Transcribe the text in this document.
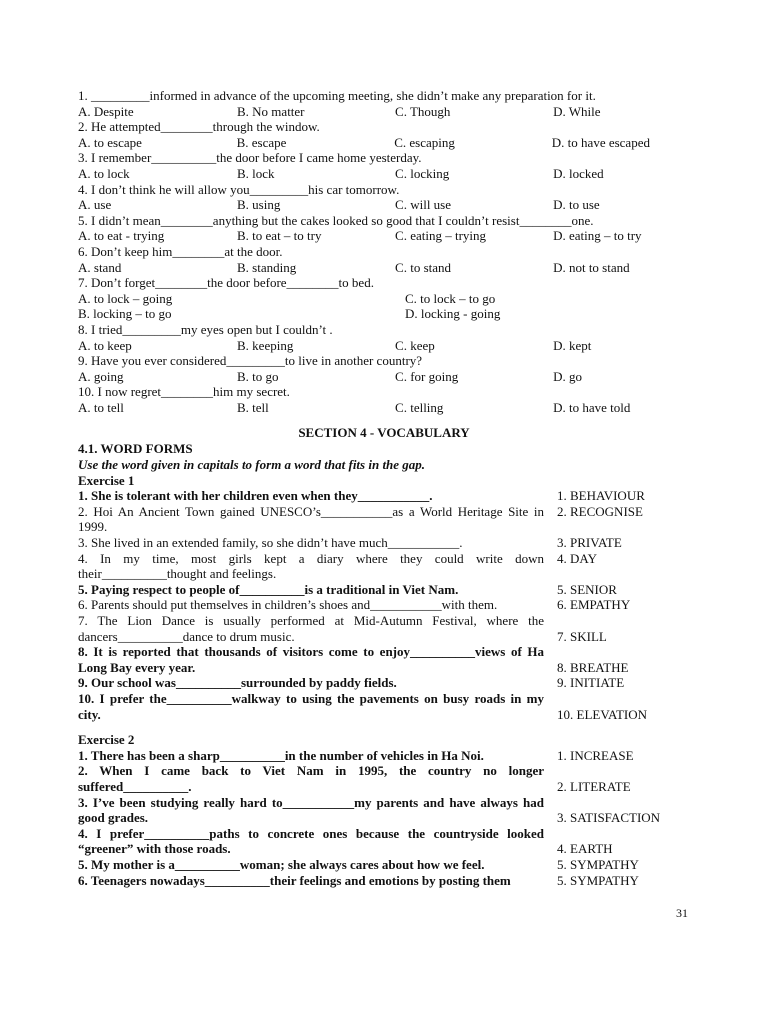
1. _________informed in advance of the upcoming meeting, she didn’t make any preparation for it.
A. Despite	B. No matter	C. Though	D. While
2. He attempted________through the window.
A. to escape	B. escape	C. escaping	D. to have escaped
3. I remember__________the door before I came home yesterday.
A. to lock	B. lock	C. locking	D. locked
4. I don’t think he will allow you_________his car tomorrow.
A. use	B. using	C. will use	D. to use
5. I didn’t mean________anything but the cakes looked so good that I couldn’t resist________one.
A. to eat - trying	B. to eat – to try	C. eating – trying	D. eating – to try
6. Don’t keep him________at the door.
A. stand	B. standing	C. to stand	D. not to stand
7. Don’t forget________the door before________to bed.
A. to lock – going	C. to lock – to go
B. locking – to go	D. locking - going
8. I tried_________my eyes open but I couldn’t .
A. to keep	B. keeping	C. keep	D. kept
9. Have you ever considered_________to live in another country?
A. going	B. to go	C. for going	D. go
10. I now regret________him my secret.
A. to tell	B. tell	C. telling	D. to have told
SECTION 4 - VOCABULARY
4.1. WORD FORMS
Use the word given in capitals to form a word that fits in the gap.
Exercise 1
1. She is tolerant with her children even when they___________.	1. BEHAVIOUR
2. Hoi An Ancient Town gained UNESCO’s___________as a World Heritage Site in 1999.
2. RECOGNISE
3. She lived in an extended family, so she didn’t have much___________.	3. PRIVATE
4. In my time, most girls kept a diary where they could write down their__________thought and feelings.
4. DAY
5. Paying respect to people of__________is a traditional in Viet Nam.	5. SENIOR
6. Parents should put themselves in children’s shoes and___________with them.	6. EMPATHY
7. The Lion Dance is usually performed at Mid-Autumn Festival, where the dancers__________dance to drum music.	7. SKILL
8. It is reported that thousands of visitors come to enjoy__________views of Ha Long Bay every year.	8. BREATHE
9. Our school was__________surrounded by paddy fields.	9. INITIATE
10. I prefer the__________walkway to using the pavements on busy roads in my city.	10. ELEVATION
Exercise 2
1. There has been a sharp__________in the number of vehicles in Ha Noi.	1. INCREASE
2. When I came back to Viet Nam in 1995, the country no longer suffered__________.	2. LITERATE
3. I’ve been studying really hard to___________my parents and have always had good grades.	3. SATISFACTION
4. I prefer__________paths to concrete ones because the countryside looked “greener” with those roads.	4. EARTH
5. My mother is a__________woman; she always cares about how we feel.	5. SYMPATHY
6. Teenagers nowadays__________their feelings and emotions by posting them	5. SYMPATHY
31
